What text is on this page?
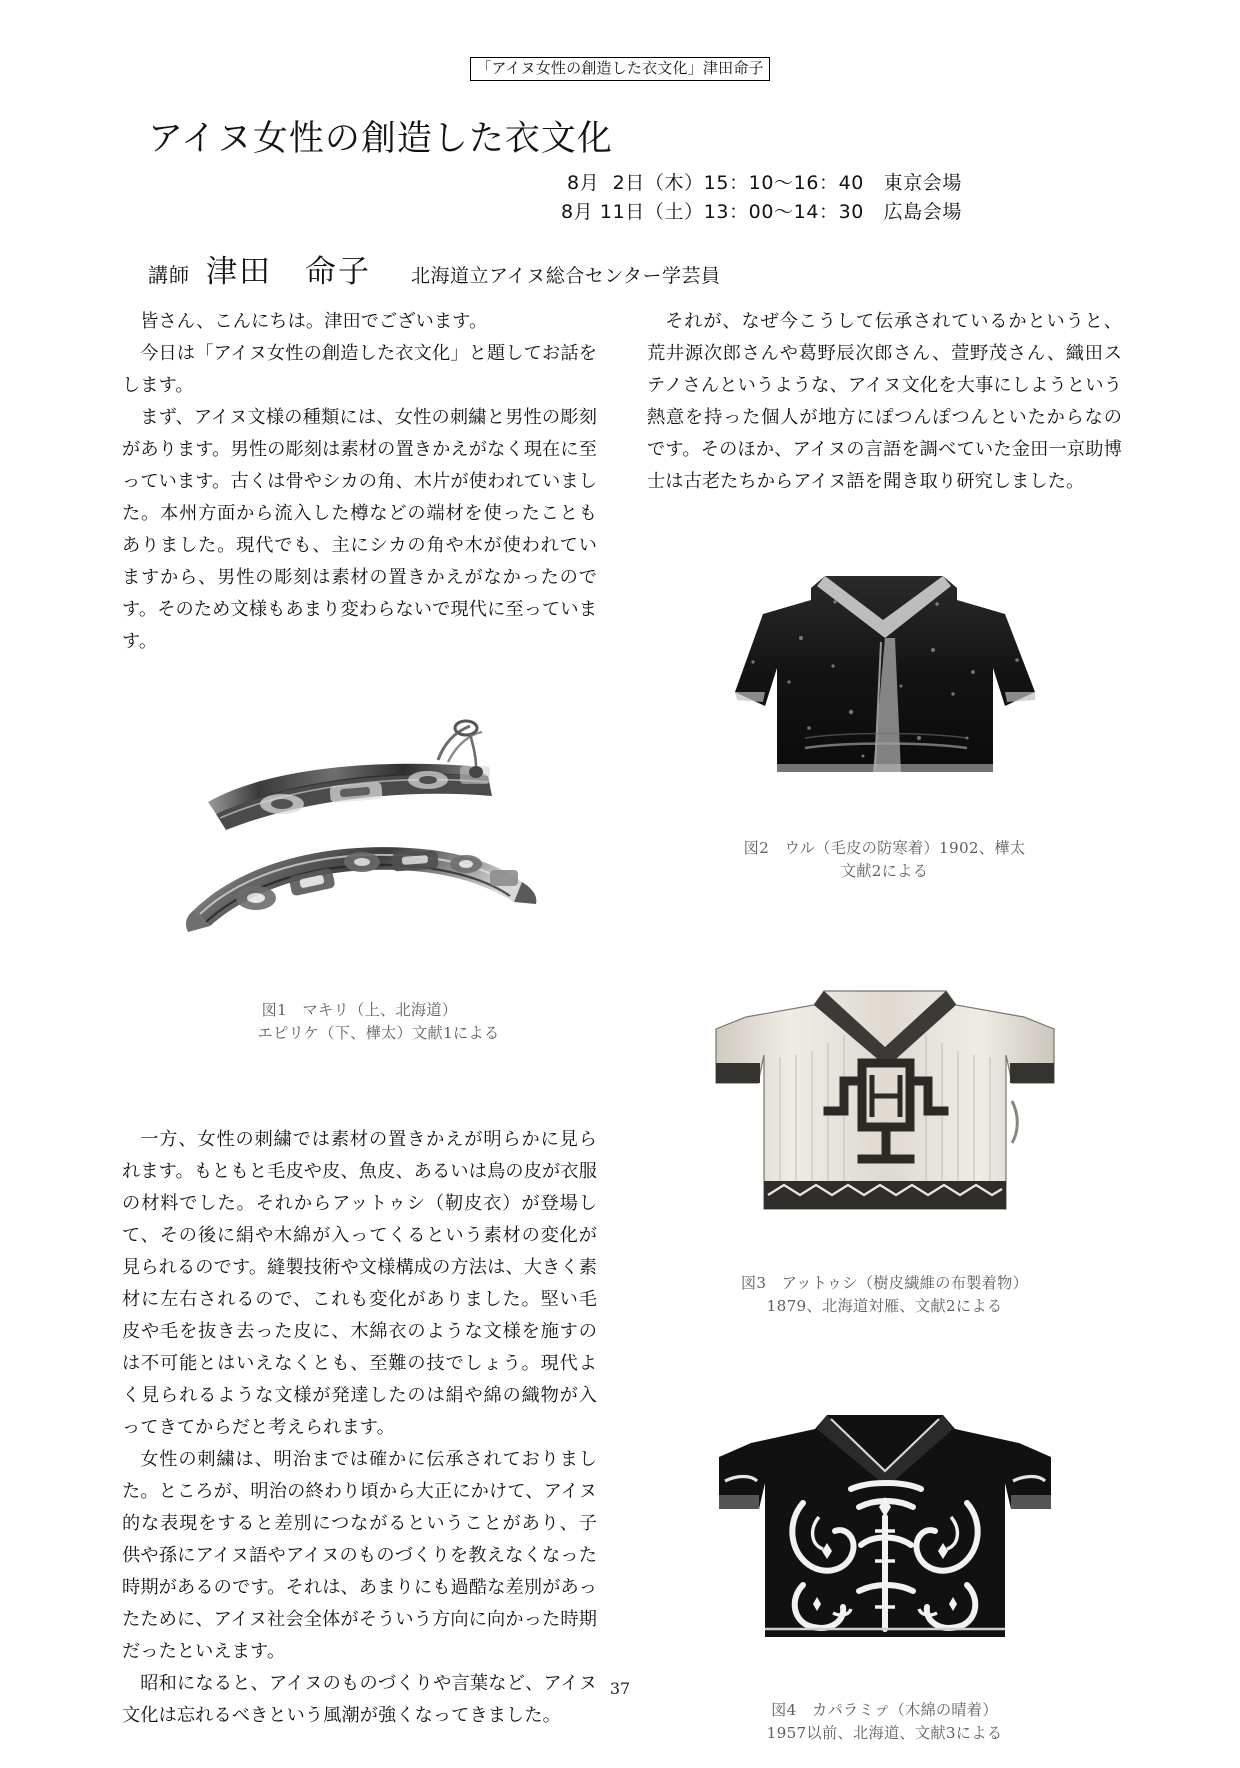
「アイヌ女性の創造した衣文化」津田命子
アイヌ女性の創造した衣文化
8月  2日（木）15：10〜16：40　東京会場
8月 11日（土）13：00〜14：30　広島会場
講師 津田　命子 北海道立アイヌ総合センター学芸員

皆さん、こんにちは。津田でございます。

今日は「アイヌ女性の創造した衣文化」と題してお話をします。

まず、アイヌ文様の種類には、女性の刺繍と男性の彫刻があります。男性の彫刻は素材の置きかえがなく現在に至っています。古くは骨やシカの角、木片が使われていました。本州方面から流入した樽などの端材を使ったこともありました。現代でも、主にシカの角や木が使われていますから、男性の彫刻は素材の置きかえがなかったのです。そのため文様もあまり変わらないで現代に至っています。

図1　マキリ（上、北海道）

エピリケ（下、樺太）文献1による

一方、女性の刺繍では素材の置きかえが明らかに見られます。もともと毛皮や皮、魚皮、あるいは鳥の皮が衣服の材料でした。それからアットゥシ（靭皮衣）が登場して、その後に絹や木綿が入ってくるという素材の変化が見られるのです。縫製技術や文様構成の方法は、大きく素材に左右されるので、これも変化がありました。堅い毛皮や毛を抜き去った皮に、木綿衣のような文様を施すのは不可能とはいえなくとも、至難の技でしょう。現代よく見られるような文様が発達したのは絹や綿の織物が入ってきてからだと考えられます。

女性の刺繍は、明治までは確かに伝承されておりました。ところが、明治の終わり頃から大正にかけて、アイヌ的な表現をすると差別につながるということがあり、子供や孫にアイヌ語やアイヌのものづくりを教えなくなった時期があるのです。それは、あまりにも過酷な差別があったために、アイヌ社会全体がそういう方向に向かった時期だったといえます。

昭和になると、アイヌのものづくりや言葉など、アイヌ文化は忘れるべきという風潮が強くなってきました。

それが、なぜ今こうして伝承されているかというと、荒井源次郎さんや葛野辰次郎さん、萱野茂さん、織田ステノさんというような、アイヌ文化を大事にしようという熱意を持った個人が地方にぽつんぽつんといたからなのです。そのほか、アイヌの言語を調べていた金田一京助博士は古老たちからアイヌ語を聞き取り研究しました。

図2　ウル（毛皮の防寒着）1902、樺太

文献2による

図3　アットゥシ（樹皮繊維の布製着物）

1879、北海道対雁、文献2による

図4　カパラミㇷ゚（木綿の晴着）

1957以前、北海道、文献3による

37
